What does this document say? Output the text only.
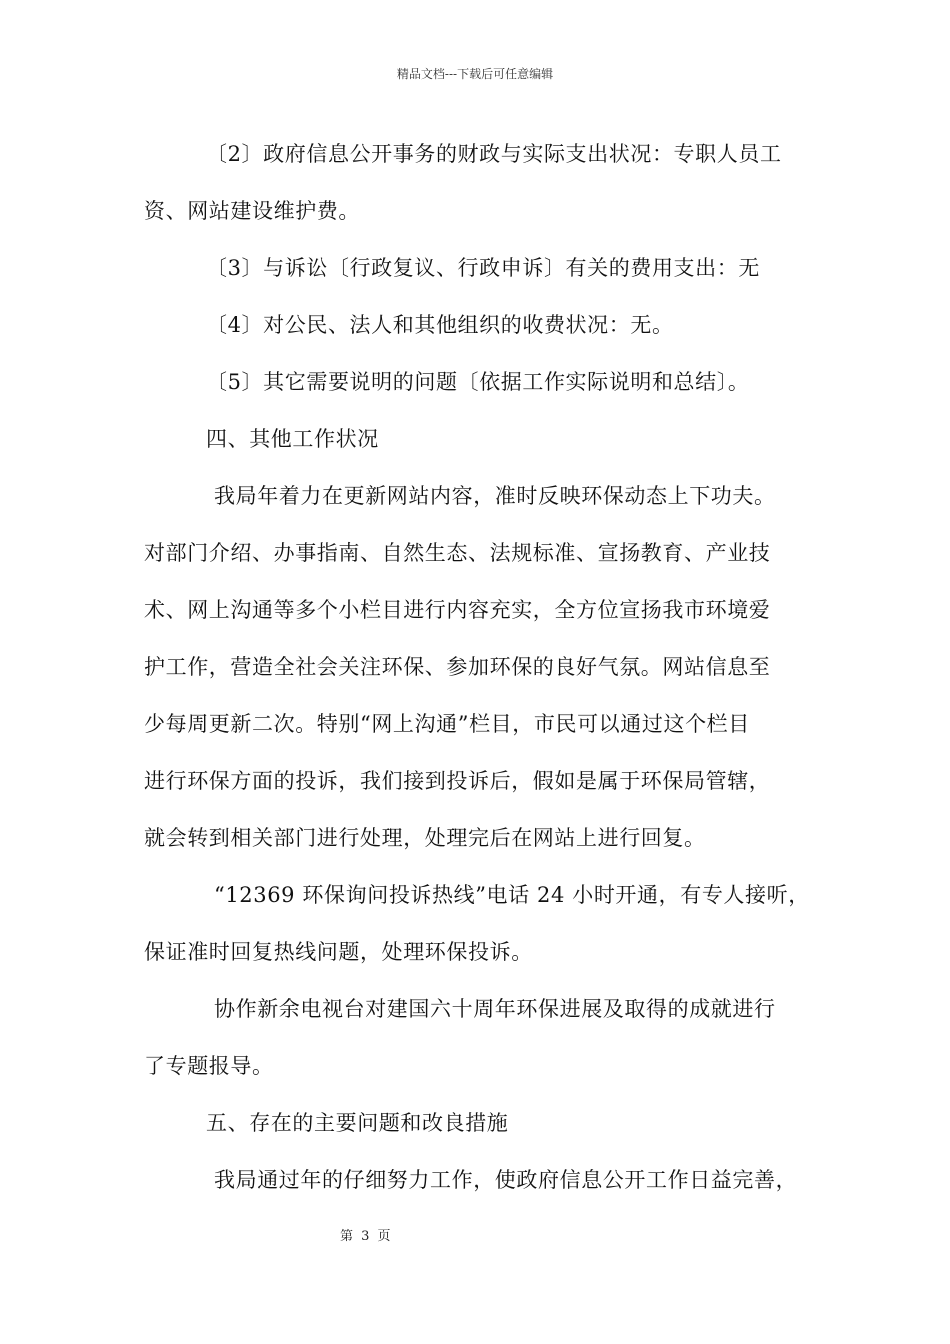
精品文档---下载后可任意编辑
〔2〕政府信息公开事务的财政与实际支出状况：专职人员工
资、网站建设维护费。
〔3〕与诉讼〔行政复议、行政申诉〕有关的费用支出：无
〔4〕对公民、法人和其他组织的收费状况：无。
〔5〕其它需要说明的问题〔依据工作实际说明和总结〕。
四、其他工作状况
我局年着力在更新网站内容，准时反映环保动态上下功夫。
对部门介绍、办事指南、自然生态、法规标准、宣扬教育、产业技
术、网上沟通等多个小栏目进行内容充实，全方位宣扬我市环境爱
护工作，营造全社会关注环保、参加环保的良好气氛。网站信息至
少每周更新二次。特别“网上沟通”栏目，市民可以通过这个栏目
进行环保方面的投诉，我们接到投诉后，假如是属于环保局管辖，
就会转到相关部门进行处理，处理完后在网站上进行回复。
“12369 环保询问投诉热线”电话 24 小时开通，有专人接听，
保证准时回复热线问题，处理环保投诉。
协作新余电视台对建国六十周年环保进展及取得的成就进行
了专题报导。
五、存在的主要问题和改良措施
我局通过年的仔细努力工作，使政府信息公开工作日益完善，
第 3 页
